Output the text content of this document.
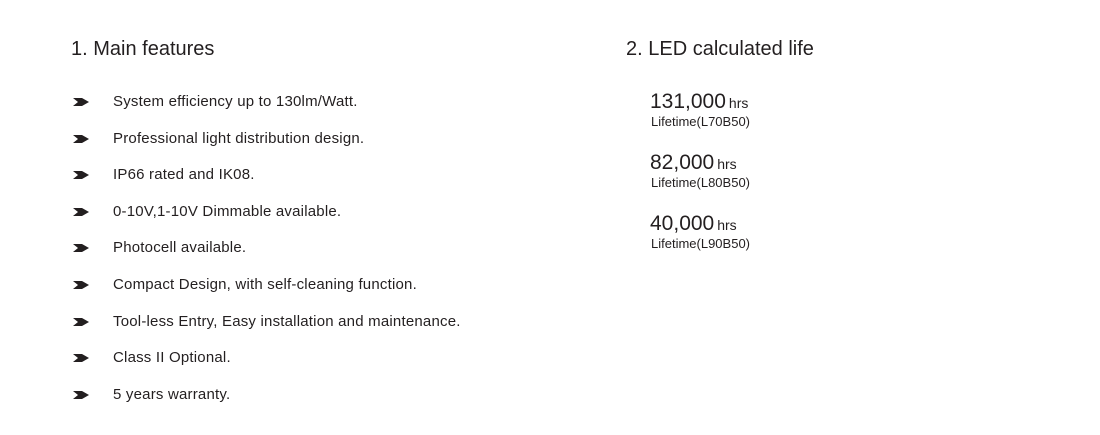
1. Main features
System efficiency up to 130lm/Watt.
Professional light distribution design.
IP66 rated and IK08.
0-10V,1-10V Dimmable available.
Photocell available.
Compact Design, with self-cleaning function.
Tool-less Entry, Easy installation and maintenance.
Class II Optional.
5 years warranty.
2. LED calculated life
131,000 hrs
Lifetime(L70B50)
82,000 hrs
Lifetime(L80B50)
40,000 hrs
Lifetime(L90B50)
